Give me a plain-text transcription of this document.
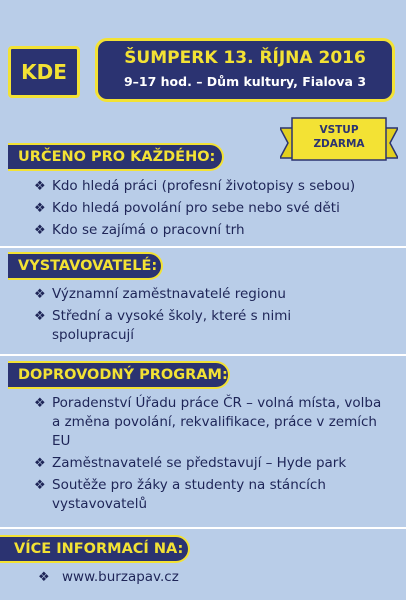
KDE
ŠUMPERK 13. ŘÍJNA 2016
9–17 hod. – Dům kultury, Fialova 3
VSTUP
ZDARMA
URČENO PRO KAŽDÉHO:
❖ Kdo hledá práci (profesní životopisy s sebou)
❖ Kdo hledá povolání pro sebe nebo své děti
❖ Kdo se zajímá o pracovní trh
VYSTAVOVATELÉ:
❖ Významní zaměstnavatelé regionu
❖ Střední a vysoké školy, které s nimi spolupracují
DOPROVODNÝ PROGRAM:
❖ Poradenství Úřadu práce ČR – volná místa, volba a změna povolání, rekvalifikace, práce v zemích EU
❖ Zaměstnavatelé se představují – Hyde park
❖ Soutěže pro žáky a studenty na stáncích vystavovatelů
VÍCE INFORMACÍ NA:
❖ www.burzapav.cz
